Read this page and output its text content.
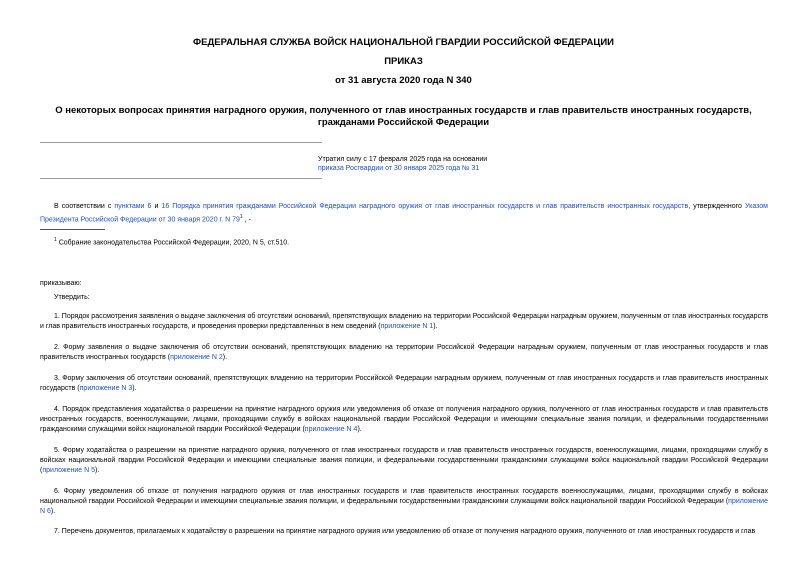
ФЕДЕРАЛЬНАЯ СЛУЖБА ВОЙСК НАЦИОНАЛЬНОЙ ГВАРДИИ РОССИЙСКОЙ ФЕДЕРАЦИИ
ПРИКАЗ
от 31 августа 2020 года N 340
О некоторых вопросах принятия наградного оружия, полученного от глав иностранных государств и глав правительств иностранных государств, гражданами Российской Федерации
Утратил силу с 17 февраля 2025 года на основании
приказа Росгвардии от 30 января 2025 года № 31
В соответствии с пунктами 6 и 16 Порядка принятия гражданами Российской Федерации наградного оружия от глав иностранных государств и глав правительств иностранных государств, утвержденного Указом Президента Российской Федерации от 30 января 2020 г. N $79^1$ , -
$^1$ Собрание законодательства Российской Федерации, 2020, N 5, ст.510.
приказываю:
Утвердить:
1. Порядок рассмотрения заявления о выдаче заключения об отсутствии оснований, препятствующих владению на территории Российской Федерации наградным оружием, полученным от глав иностранных государств и глав правительств иностранных государств, и проведения проверки представленных в нем сведений (приложение N 1).
2. Форму заявления о выдаче заключения об отсутствии оснований, препятствующих владению на территории Российской Федерации наградным оружием, полученным от глав иностранных государств и глав правительств иностранных государств (приложение N 2).
3. Форму заключения об отсутствии оснований, препятствующих владению на территории Российской Федерации наградным оружием, полученным от глав иностранных государств и глав правительств иностранных государств (приложение N 3).
4. Порядок представления ходатайства о разрешении на принятие наградного оружия или уведомления об отказе от получения наградного оружия, полученного от глав иностранных государств и глав правительств иностранных государств, военнослужащими, лицами, проходящими службу в войсках национальной гвардии Российской Федерации и имеющими специальные звания полиции, и федеральными государственными гражданскими служащими войск национальной гвардии Российской Федерации (приложение N 4).
5. Форму ходатайства о разрешении на принятие наградного оружия, полученного от глав иностранных государств и глав правительств иностранных государств, военнослужащими, лицами, проходящими службу в войсках национальной гвардии Российской Федерации и имеющими специальные звания полиции, и федеральными государственными гражданскими служащими войск национальной гвардии Российской Федерации (приложение N 5).
6. Форму уведомления об отказе от получения наградного оружия от глав иностранных государств и глав правительств иностранных государств военнослужащими, лицами, проходящими службу в войсках национальной гвардии Российской Федерации и имеющими специальные звания полиции, и федеральными государственными гражданскими служащими войск национальной гвардии Российской Федерации (приложение N 6).
7. Перечень документов, прилагаемых к ходатайству о разрешении на принятие наградного оружия или уведомлению об отказе от получения наградного оружия, полученного от глав иностранных государств и глав
